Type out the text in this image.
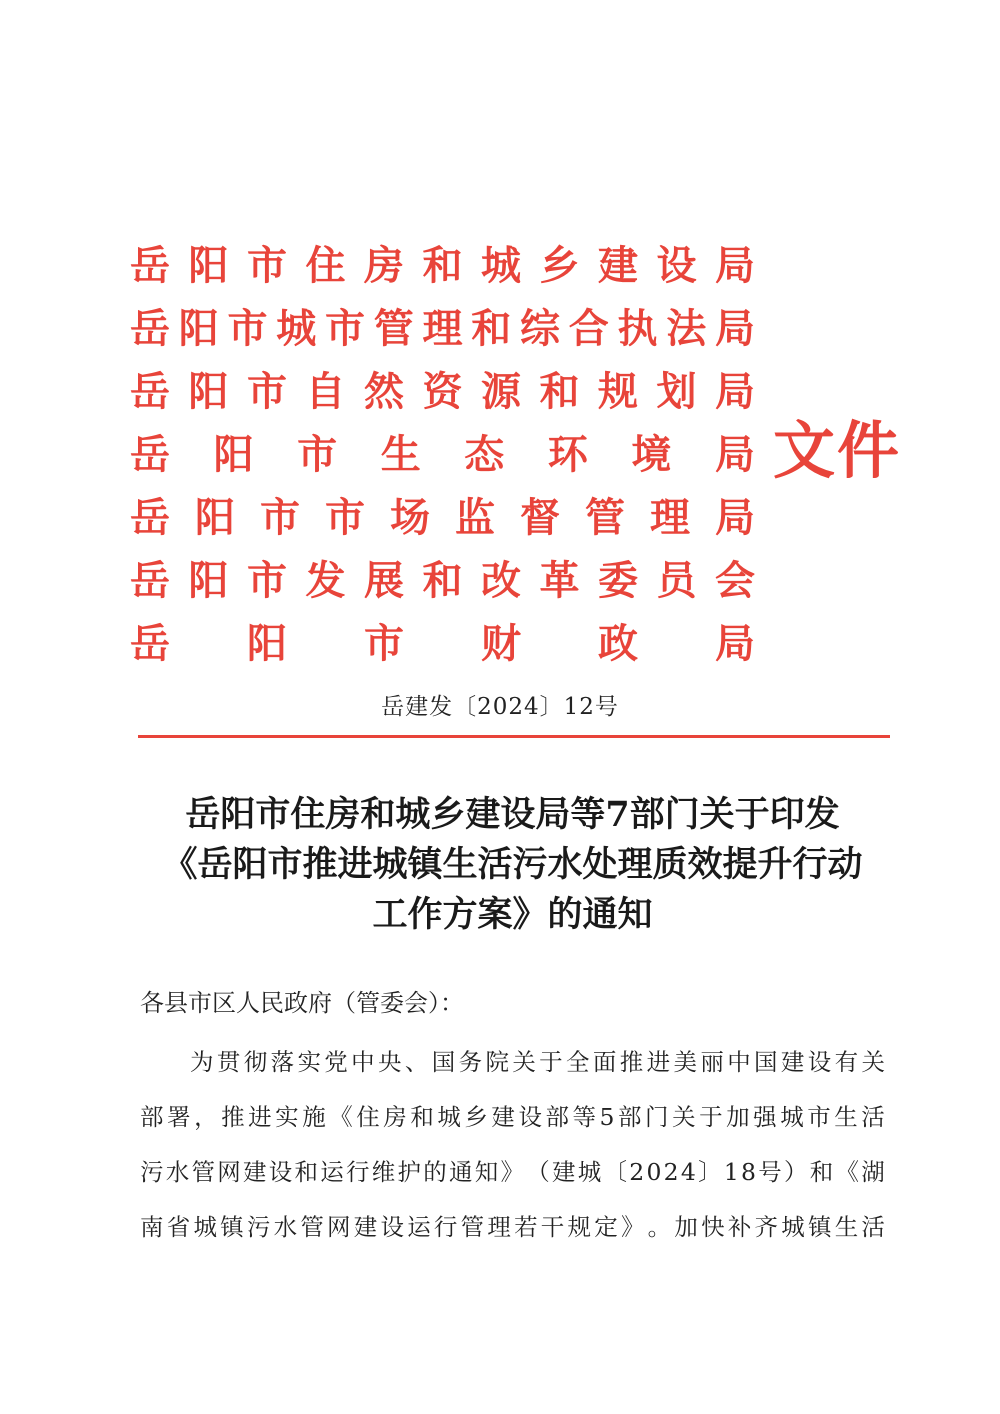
岳 阳 市 住 房 和 城 乡 建 设 局
岳 阳 市 城 市 管 理 和 综 合 执 法 局
岳 阳 市 自 然 资 源 和 规 划 局
岳 阳 市 生 态 环 境 局
岳 阳 市 市 场 监 督 管 理 局
岳 阳 市 发 展 和 改 革 委 员 会
岳 阳 市 财 政 局
文件
岳建发〔2024〕12号
岳阳市住房和城乡建设局等7部门关于印发
《岳阳市推进城镇生活污水处理质效提升行动
工作方案》的通知
各县市区人民政府（管委会）：
为 贯 彻 落 实 党 中 央 、 国 务 院 关 于 全 面 推 进 美 丽 中 国 建 设 有 关
部 署 ， 推 进 实 施 《 住 房 和 城 乡 建 设 部 等 5 部 门 关 于 加 强 城 市 生 活
污 水 管 网 建 设 和 运 行 维 护 的 通 知 》 （ 建 城 〔 2 0 2 4 〕 1 8 号 ） 和 《 湖
南 省 城 镇 污 水 管 网 建 设 运 行 管 理 若 干 规 定 》 。 加 快 补 齐 城 镇 生 活
